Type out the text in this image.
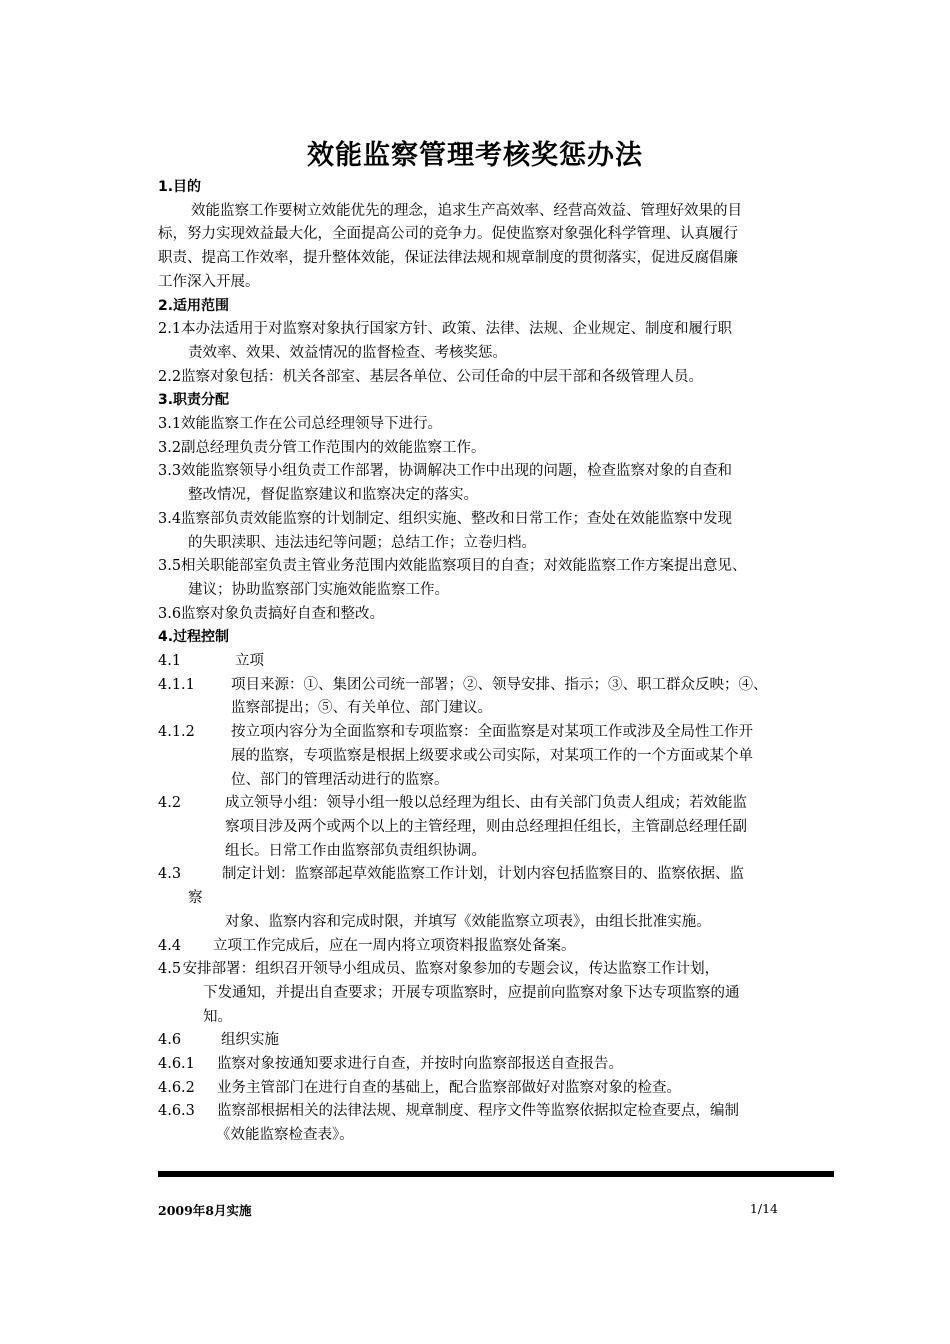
效能监察管理考核奖惩办法
1.目的
效能监察工作要树立效能优先的理念，追求生产高效率、经营高效益、管理好效果的目
标，努力实现效益最大化，全面提高公司的竞争力。促使监察对象强化科学管理、认真履行
职责、提高工作效率，提升整体效能，保证法律法规和规章制度的贯彻落实，促进反腐倡廉
工作深入开展。
2.适用范围
2.1本办法适用于对监察对象执行国家方针、政策、法律、法规、企业规定、制度和履行职
责效率、效果、效益情况的监督检查、考核奖惩。
2.2监察对象包括：机关各部室、基层各单位、公司任命的中层干部和各级管理人员。
3.职责分配
3.1效能监察工作在公司总经理领导下进行。
3.2副总经理负责分管工作范围内的效能监察工作。
3.3效能监察领导小组负责工作部署，协调解决工作中出现的问题，检查监察对象的自查和
整改情况，督促监察建议和监察决定的落实。
3.4监察部负责效能监察的计划制定、组织实施、整改和日常工作；查处在效能监察中发现
的失职渎职、违法违纪等问题；总结工作；立卷归档。
3.5相关职能部室负责主管业务范围内效能监察项目的自查；对效能监察工作方案提出意见、
建议；协助监察部门实施效能监察工作。
3.6监察对象负责搞好自查和整改。
4.过程控制
4.1	立项
4.1.1 项目来源：①、集团公司统一部署；②、领导安排、指示；③、职工群众反映；④、
监察部提出；⑤、有关单位、部门建议。
4.1.2 按立项内容分为全面监察和专项监察：全面监察是对某项工作或涉及全局性工作开
展的监察，专项监察是根据上级要求或公司实际，对某项工作的一个方面或某个单
位、部门的管理活动进行的监察。
4.2	成立领导小组：领导小组一般以总经理为组长、由有关部门负责人组成；若效能监
察项目涉及两个或两个以上的主管经理，则由总经理担任组长，主管副总经理任副
组长。日常工作由监察部负责组织协调。
4.3	制定计划：监察部起草效能监察工作计划，计划内容包括监察目的、监察依据、监
察
对象、监察内容和完成时限，并填写《效能监察立项表》，由组长批准实施。
4.4 立项工作完成后，应在一周内将立项资料报监察处备案。
4.5 安排部署：组织召开领导小组成员、监察对象参加的专题会议，传达监察工作计划，
下发通知，并提出自查要求；开展专项监察时，应提前向监察对象下达专项监察的通
知。
4.6	组织实施
4.6.1 监察对象按通知要求进行自查，并按时向监察部报送自查报告。
4.6.2 业务主管部门在进行自查的基础上，配合监察部做好对监察对象的检查。
4.6.3 监察部根据相关的法律法规、规章制度、程序文件等监察依据拟定检查要点，编制
《效能监察检查表》。
2009年8月实施	1/14
